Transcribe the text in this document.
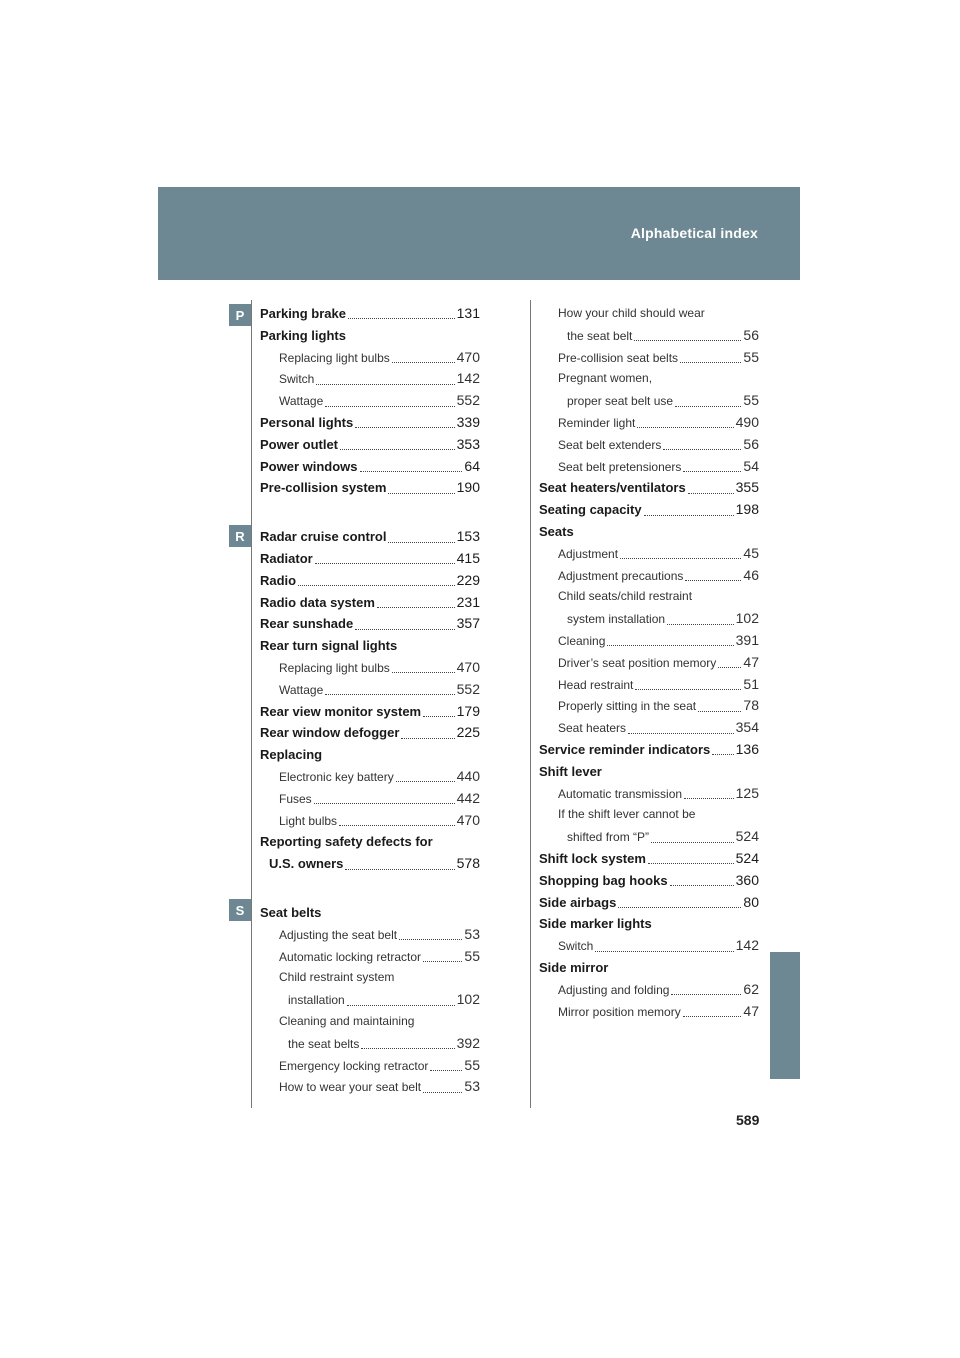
Alphabetical index
P
R
S
Parking brake	131
Parking lights
Replacing light bulbs	470
Switch	142
Wattage	552
Personal lights	339
Power outlet	353
Power windows	64
Pre-collision system	190
Radar cruise control	153
Radiator	415
Radio	229
Radio data system	231
Rear sunshade	357
Rear turn signal lights
Replacing light bulbs	470
Wattage	552
Rear view monitor system	179
Rear window defogger	225
Replacing
Electronic key battery	440
Fuses	442
Light bulbs	470
Reporting safety defects for
U.S. owners	578
Seat belts
Adjusting the seat belt	53
Automatic locking retractor	55
Child restraint system
installation	102
Cleaning and maintaining
the seat belts	392
Emergency locking retractor	55
How to wear your seat belt	53
How your child should wear
the seat belt	56
Pre-collision seat belts	55
Pregnant women,
proper seat belt use	55
Reminder light	490
Seat belt extenders	56
Seat belt pretensioners	54
Seat heaters/ventilators	355
Seating capacity	198
Seats
Adjustment	45
Adjustment precautions	46
Child seats/child restraint
system installation	102
Cleaning	391
Driver’s seat position memory 47
Head restraint	51
Properly sitting in the seat	78
Seat heaters	354
Service reminder indicators 136
Shift lever
Automatic transmission	125
If the shift lever cannot be
shifted from “P”	524
Shift lock system	524
Shopping bag hooks	360
Side airbags	80
Side marker lights
Switch	142
Side mirror
Adjusting and folding	62
Mirror position memory	47
589
